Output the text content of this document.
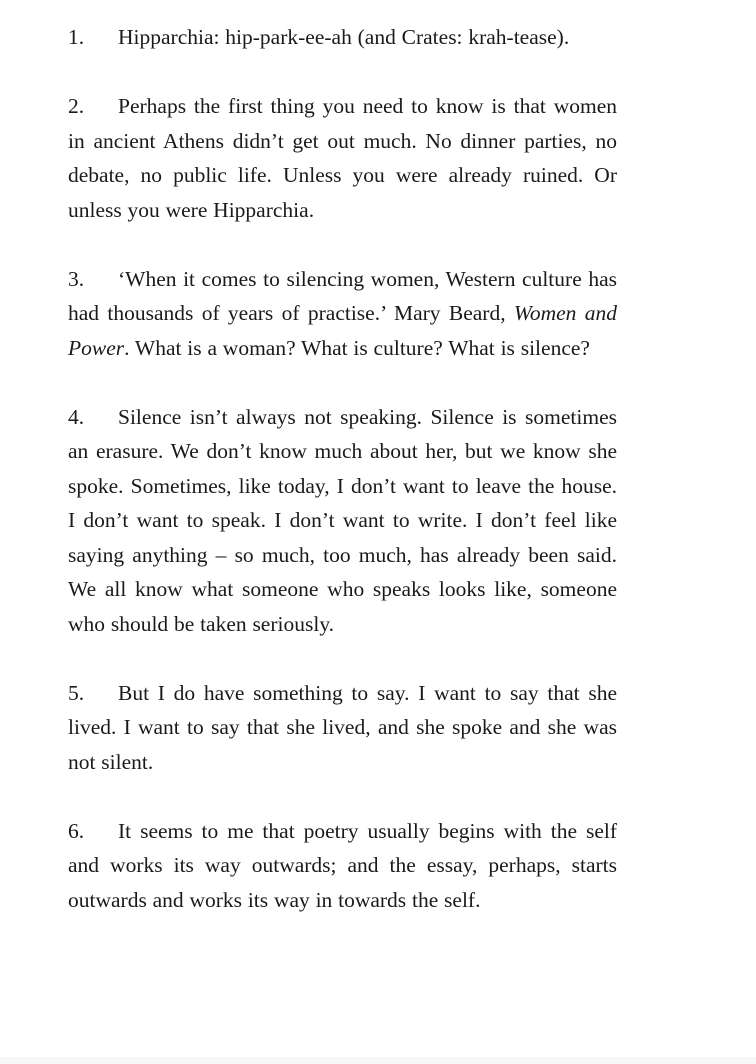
1. Hipparchia: hip-park-ee-ah (and Crates: krah-tease).
2. Perhaps the first thing you need to know is that women in ancient Athens didn’t get out much. No dinner parties, no debate, no public life. Unless you were already ruined. Or unless you were Hipparchia.
3. ‘When it comes to silencing women, Western culture has had thousands of years of practise.’ Mary Beard, Women and Power. What is a woman? What is culture? What is silence?
4. Silence isn’t always not speaking. Silence is sometimes an erasure. We don’t know much about her, but we know she spoke. Sometimes, like today, I don’t want to leave the house. I don’t want to speak. I don’t want to write. I don’t feel like saying anything – so much, too much, has already been said. We all know what someone who speaks looks like, someone who should be taken seriously.
5. But I do have something to say. I want to say that she lived. I want to say that she lived, and she spoke and she was not silent.
6. It seems to me that poetry usually begins with the self and works its way outwards; and the essay, perhaps, starts outwards and works its way in towards the self.
